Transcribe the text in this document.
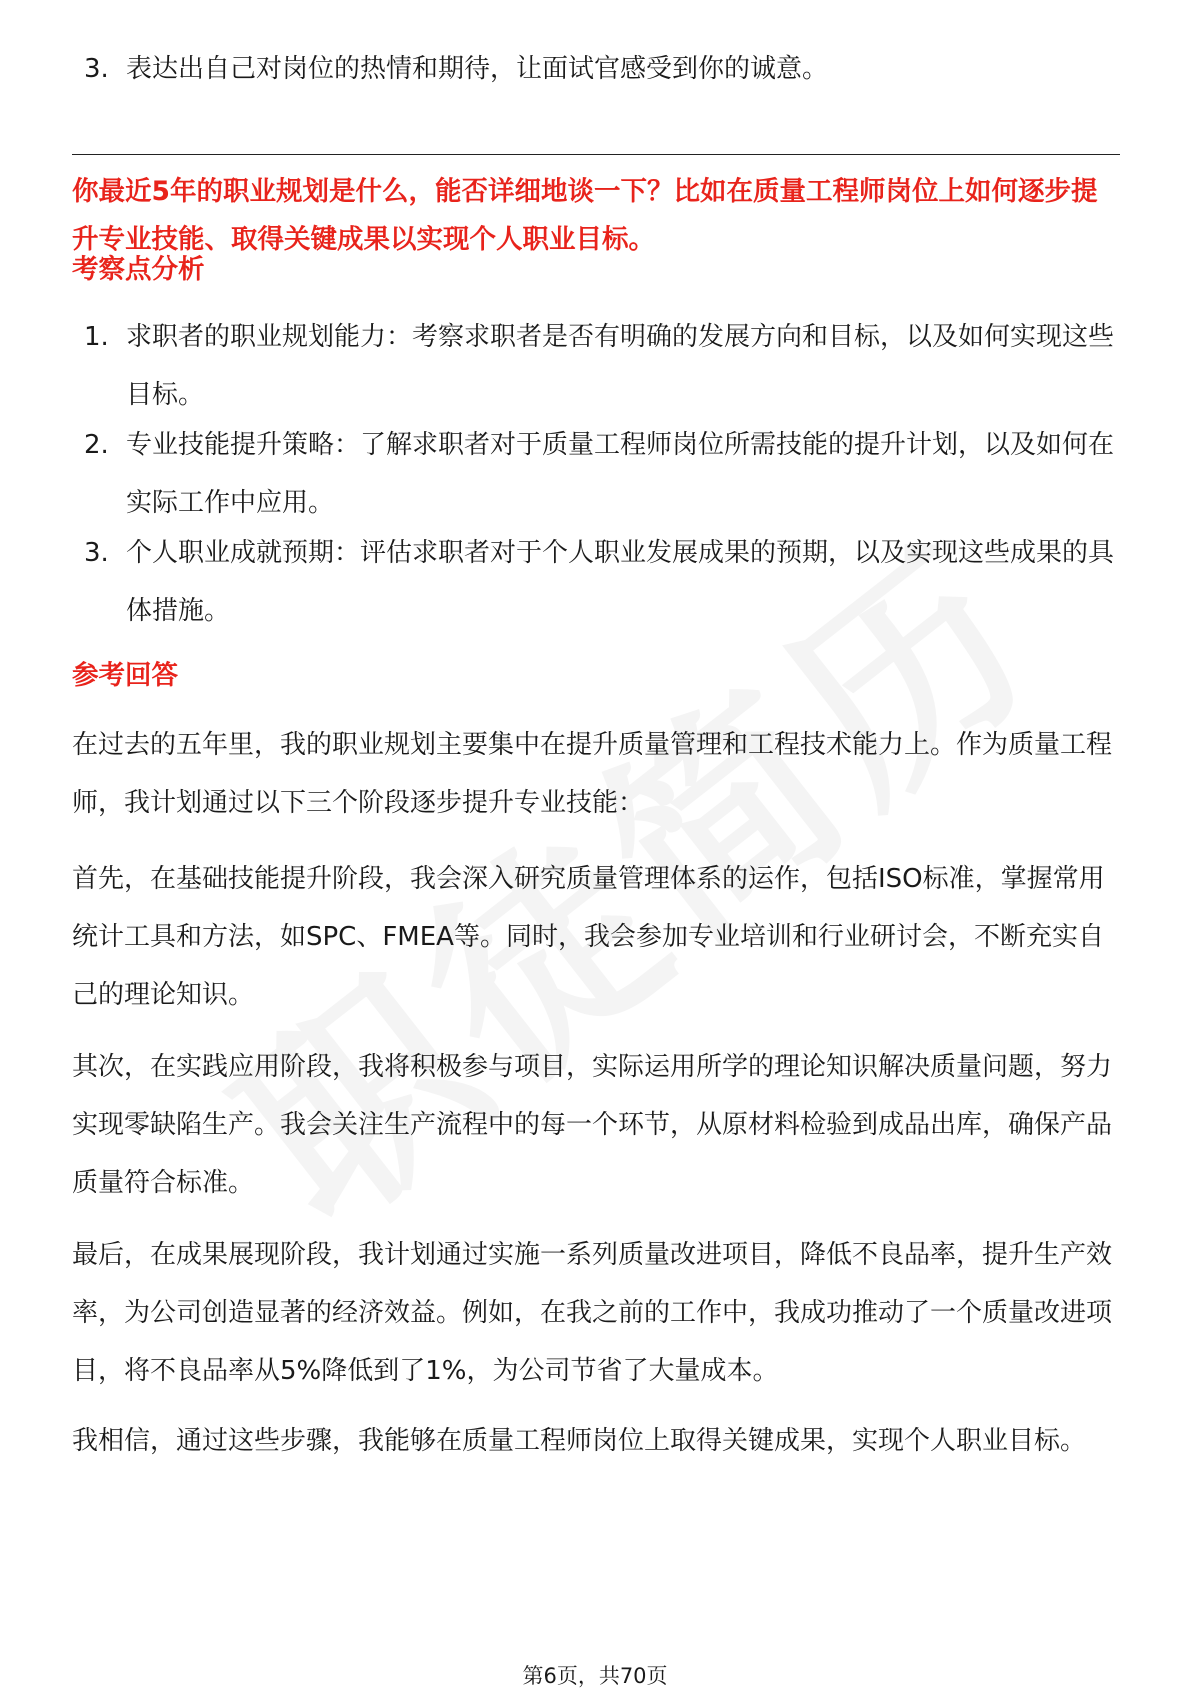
3. 表达出自己对岗位的热情和期待，让面试官感受到你的诚意。
你最近5年的职业规划是什么，能否详细地谈一下？比如在质量工程师岗位上如何逐步提升专业技能、取得关键成果以实现个人职业目标。
考察点分析
1. 求职者的职业规划能力：考察求职者是否有明确的发展方向和目标，以及如何实现这些目标。
2. 专业技能提升策略：了解求职者对于质量工程师岗位所需技能的提升计划，以及如何在实际工作中应用。
3. 个人职业成就预期：评估求职者对于个人职业发展成果的预期，以及实现这些成果的具体措施。
参考回答
在过去的五年里，我的职业规划主要集中在提升质量管理和工程技术能力上。作为质量工程师，我计划通过以下三个阶段逐步提升专业技能：
首先，在基础技能提升阶段，我会深入研究质量管理体系的运作，包括ISO标准，掌握常用统计工具和方法，如SPC、FMEA等。同时，我会参加专业培训和行业研讨会，不断充实自己的理论知识。
其次，在实践应用阶段，我将积极参与项目，实际运用所学的理论知识解决质量问题，努力实现零缺陷生产。我会关注生产流程中的每一个环节，从原材料检验到成品出库，确保产品质量符合标准。
最后，在成果展现阶段，我计划通过实施一系列质量改进项目，降低不良品率，提升生产效率，为公司创造显著的经济效益。例如，在我之前的工作中，我成功推动了一个质量改进项目，将不良品率从5%降低到了1%，为公司节省了大量成本。
我相信，通过这些步骤，我能够在质量工程师岗位上取得关键成果，实现个人职业目标。
第6页，共70页
